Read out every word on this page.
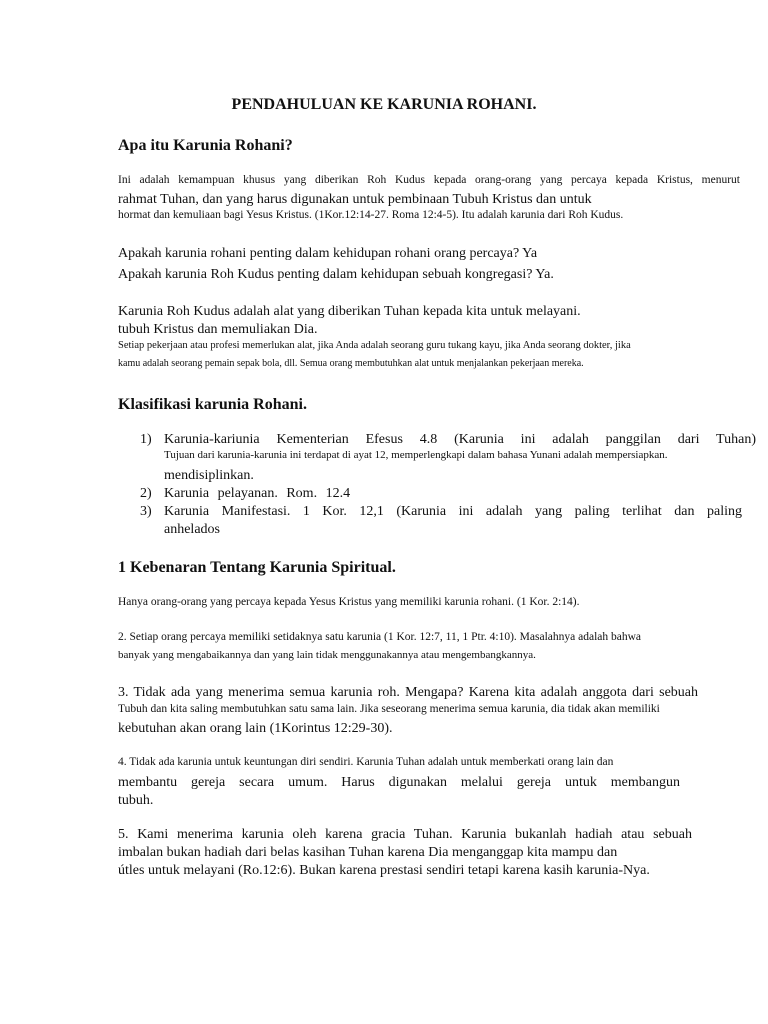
PENDAHULUAN KE KARUNIA ROHANI.
Apa itu Karunia Rohani?
Ini adalah kemampuan khusus yang diberikan Roh Kudus kepada orang-orang yang percaya kepada Kristus, menurut
rahmat Tuhan, dan yang harus digunakan untuk pembinaan Tubuh Kristus dan untuk
hormat dan kemuliaan bagi Yesus Kristus. (1Kor.12:14-27. Roma 12:4-5). Itu adalah karunia dari Roh Kudus.
Apakah karunia rohani penting dalam kehidupan rohani orang percaya? Ya
Apakah karunia Roh Kudus penting dalam kehidupan sebuah kongregasi? Ya.
Karunia Roh Kudus adalah alat yang diberikan Tuhan kepada kita untuk melayani.
tubuh Kristus dan memuliakan Dia.
Setiap pekerjaan atau profesi memerlukan alat, jika Anda adalah seorang guru tukang kayu, jika Anda seorang dokter, jika
kamu adalah seorang pemain sepak bola, dll. Semua orang membutuhkan alat untuk menjalankan pekerjaan mereka.
Klasifikasi karunia Rohani.
1) Karunia-kariunia Kementerian Efesus 4.8 (Karunia ini adalah panggilan dari Tuhan)
Tujuan dari karunia-karunia ini terdapat di ayat 12, memperlengkapi dalam bahasa Yunani adalah mempersiapkan.
mendisiplinkan.
2) Karunia pelayanan. Rom. 12.4
3) Karunia Manifestasi. 1 Kor. 12,1 (Karunia ini adalah yang paling terlihat dan paling
anhelados
1 Kebenaran Tentang Karunia Spiritual.
Hanya orang-orang yang percaya kepada Yesus Kristus yang memiliki karunia rohani. (1 Kor. 2:14).
2. Setiap orang percaya memiliki setidaknya satu karunia (1 Kor. 12:7, 11, 1 Ptr. 4:10). Masalahnya adalah bahwa
banyak yang mengabaikannya dan yang lain tidak menggunakannya atau mengembangkannya.
3. Tidak ada yang menerima semua karunia roh. Mengapa? Karena kita adalah anggota dari sebuah
Tubuh dan kita saling membutuhkan satu sama lain. Jika seseorang menerima semua karunia, dia tidak akan memiliki
kebutuhan akan orang lain (1Korintus 12:29-30).
4. Tidak ada karunia untuk keuntungan diri sendiri. Karunia Tuhan adalah untuk memberkati orang lain dan
membantu gereja secara umum. Harus digunakan melalui gereja untuk membangun
tubuh.
5. Kami menerima karunia oleh karena gracia Tuhan. Karunia bukanlah hadiah atau sebuah
imbalan bukan hadiah dari belas kasihan Tuhan karena Dia menganggap kita mampu dan
útles untuk melayani (Ro.12:6). Bukan karena prestasi sendiri tetapi karena kasih karunia-Nya.
